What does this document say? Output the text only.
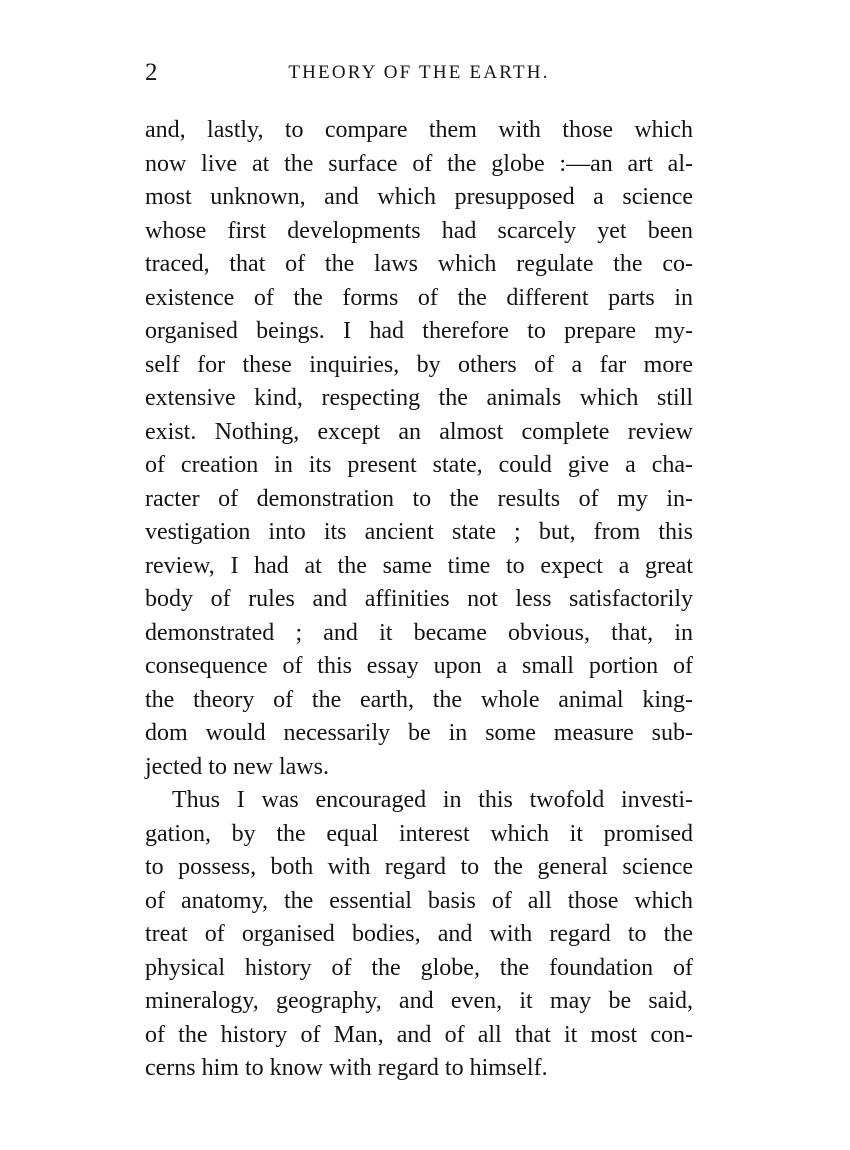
2	THEORY OF THE EARTH.
and, lastly, to compare them with those which
now live at the surface of the globe :—an art al-
most unknown, and which presupposed a science
whose first developments had scarcely yet been
traced, that of the laws which regulate the co-
existence of the forms of the different parts in
organised beings. I had therefore to prepare my-
self for these inquiries, by others of a far more
extensive kind, respecting the animals which still
exist. Nothing, except an almost complete review
of creation in its present state, could give a cha-
racter of demonstration to the results of my in-
vestigation into its ancient state ; but, from this
review, I had at the same time to expect a great
body of rules and affinities not less satisfactorily
demonstrated ; and it became obvious, that, in
consequence of this essay upon a small portion of
the theory of the earth, the whole animal king-
dom would necessarily be in some measure sub-
jected to new laws.
Thus I was encouraged in this twofold investi-
gation, by the equal interest which it promised
to possess, both with regard to the general science
of anatomy, the essential basis of all those which
treat of organised bodies, and with regard to the
physical history of the globe, the foundation of
mineralogy, geography, and even, it may be said,
of the history of Man, and of all that it most con-
cerns him to know with regard to himself.
